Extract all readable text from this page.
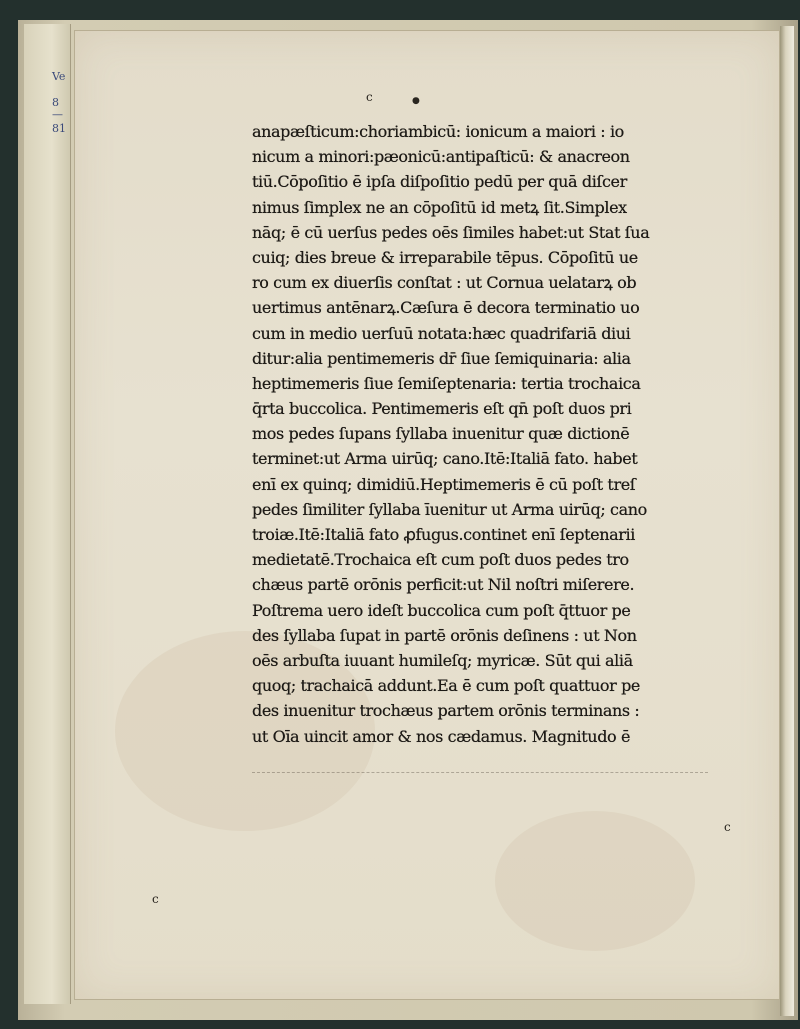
Ve
8
—
81
c	●
c
c
anapæſticum:choriambicū: ionicum a maiori : io
nicum a minori:pæonicū:antipaſticū: & anacreon
tiū.Cōpoſitio ē ipſa diſpoſitio pedū per quā diſcer
nimus ſimplex ne an cōpoſitū id metꝝ ſit.Simplex
nāq; ē cū uerſus pedes oēs ſimiles habet:ut Stat ſua
cuiq; dies breue & irreparabile tēpus. Cōpoſitū ue
ro cum ex diuerſis conſtat : ut Cornua uelatarꝝ ob
uertimus antēnarꝝ.Cæſura ē decora terminatio uo
cum in medio uerſuū notata:hæc quadrifariā diui
ditur:alia pentimemeris dr̄ ſiue ſemiquinaria: alia
heptimemeris ſiue ſemiſeptenaria: tertia trochaica
q̄rta buccolica. Pentimemeris eſt qn̄ poſt duos pri
mos pedes ſupans ſyllaba inuenitur quæ dictionē
terminet:ut Arma uirūq; cano.Itē:Italiā fato. habet
enī ex quinq; dimidiū.Heptimemeris ē cū poſt treſ
pedes ſimiliter ſyllaba īuenitur ut Arma uirūq; cano
troiæ.Itē:Italiā fato ꝓfugus.continet enī ſeptenarii
medietatē.Trochaica eſt cum poſt duos pedes tro
chæus partē orōnis perficit:ut Nil noſtri miſerere.
Poſtrema uero ideſt buccolica cum poſt q̄ttuor pe
des ſyllaba ſupat in partē orōnis deſinens : ut Non
oēs arbuſta iuuant humileſq; myricæ. Sūt qui aliā
quoq; trachaicā addunt.Ea ē cum poſt quattuor pe
des inuenitur trochæus partem orōnis terminans :
ut Oīa uincit amor & nos cædamus. Magnitudo ē
